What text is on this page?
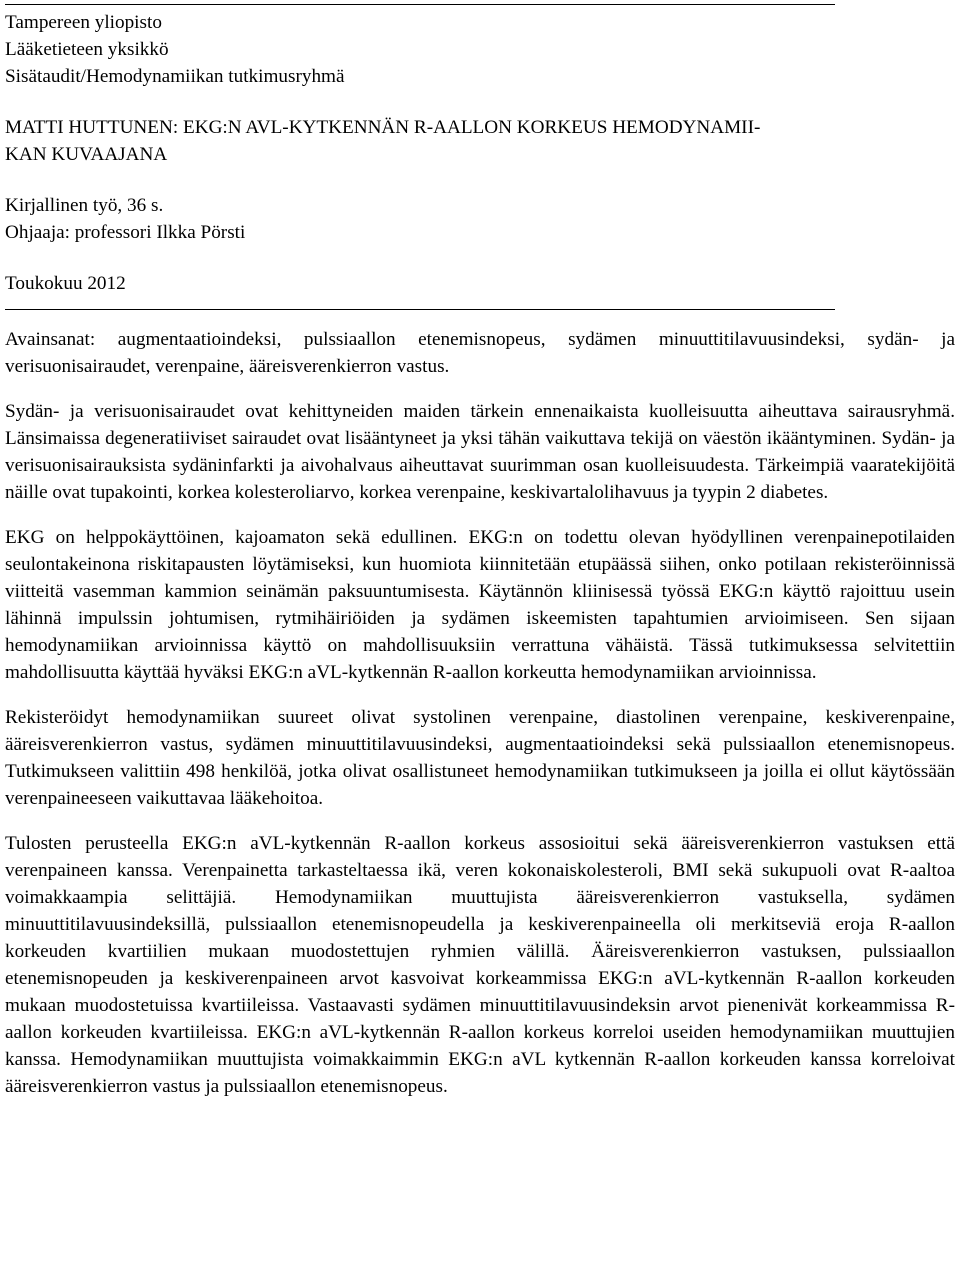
Tampereen yliopisto
Lääketieteen yksikkö
Sisätaudit/Hemodynamiikan tutkimusryhmä
MATTI HUTTUNEN: EKG:N AVL-KYTKENNÄN R-AALLON KORKEUS HEMODYNAMII-
KAN KUVAAJANA
Kirjallinen työ, 36 s.
Ohjaaja: professori Ilkka Pörsti
Toukokuu 2012

Avainsanat: augmentaatioindeksi, pulssiaallon etenemisnopeus, sydämen minuuttitilavuusindeksi, sydän- ja verisuonisairaudet, verenpaine, ääreisverenkierron vastus.

Sydän- ja verisuonisairaudet ovat kehittyneiden maiden tärkein ennenaikaista kuolleisuutta aiheuttava sairausryhmä. Länsimaissa degeneratiiviset sairaudet ovat lisääntyneet ja yksi tähän vaikuttava tekijä on väestön ikääntyminen. Sydän- ja verisuonisairauksista sydäninfarkti ja aivohalvaus aiheuttavat suurimman osan kuolleisuudesta. Tärkeimpiä vaaratekijöitä näille ovat tupakointi, korkea kolesteroliarvo, korkea verenpaine, keskivartalolihavuus ja tyypin 2 diabetes.

EKG on helppokäyttöinen, kajoamaton sekä edullinen. EKG:n on todettu olevan hyödyllinen verenpainepotilaiden seulontakeinona riskitapausten löytämiseksi, kun huomiota kiinnitetään etupäässä siihen, onko potilaan rekisteröinnissä viitteitä vasemman kammion seinämän paksuuntumisesta. Käytännön kliinisessä työssä EKG:n käyttö rajoittuu usein lähinnä impulssin johtumisen, rytmihäiriöiden ja sydämen iskeemisten tapahtumien arvioimiseen. Sen sijaan hemodynamiikan arvioinnissa käyttö on mahdollisuuksiin verrattuna vähäistä. Tässä tutkimuksessa selvitettiin mahdollisuutta käyttää hyväksi EKG:n aVL-kytkennän R-aallon korkeutta hemodynamiikan arvioinnissa.

Rekisteröidyt hemodynamiikan suureet olivat systolinen verenpaine, diastolinen verenpaine, keskiverenpaine, ääreisverenkierron vastus, sydämen minuuttitilavuusindeksi, augmentaatioindeksi sekä pulssiaallon etenemisnopeus. Tutkimukseen valittiin 498 henkilöä, jotka olivat osallistuneet hemodynamiikan tutkimukseen ja joilla ei ollut käytössään verenpaineeseen vaikuttavaa lääkehoitoa.

Tulosten perusteella EKG:n aVL-kytkennän R-aallon korkeus assosioitui sekä ääreisverenkierron vastuksen että verenpaineen kanssa. Verenpainetta tarkasteltaessa ikä, veren kokonaiskolesteroli, BMI sekä sukupuoli ovat R-aaltoa voimakkaampia selittäjiä. Hemodynamiikan muuttujista ääreisverenkierron vastuksella, sydämen minuuttitilavuusindeksillä, pulssiaallon etenemisnopeudella ja keskiverenpaineella oli merkitseviä eroja R-aallon korkeuden kvartiilien mukaan muodostettujen ryhmien välillä. Ääreisverenkierron vastuksen, pulssiaallon etenemisnopeuden ja keskiverenpaineen arvot kasvoivat korkeammissa EKG:n aVL-kytkennän R-aallon korkeuden mukaan muodostetuissa kvartiileissa. Vastaavasti sydämen minuuttitilavuusindeksin arvot pienenivät korkeammissa R-aallon korkeuden kvartiileissa. EKG:n aVL-kytkennän R-aallon korkeus korreloi useiden hemodynamiikan muuttujien kanssa. Hemodynamiikan muuttujista voimakkaimmin EKG:n aVL kytkennän R-aallon korkeuden kanssa korreloivat ääreisverenkierron vastus ja pulssiaallon etenemisnopeus.
